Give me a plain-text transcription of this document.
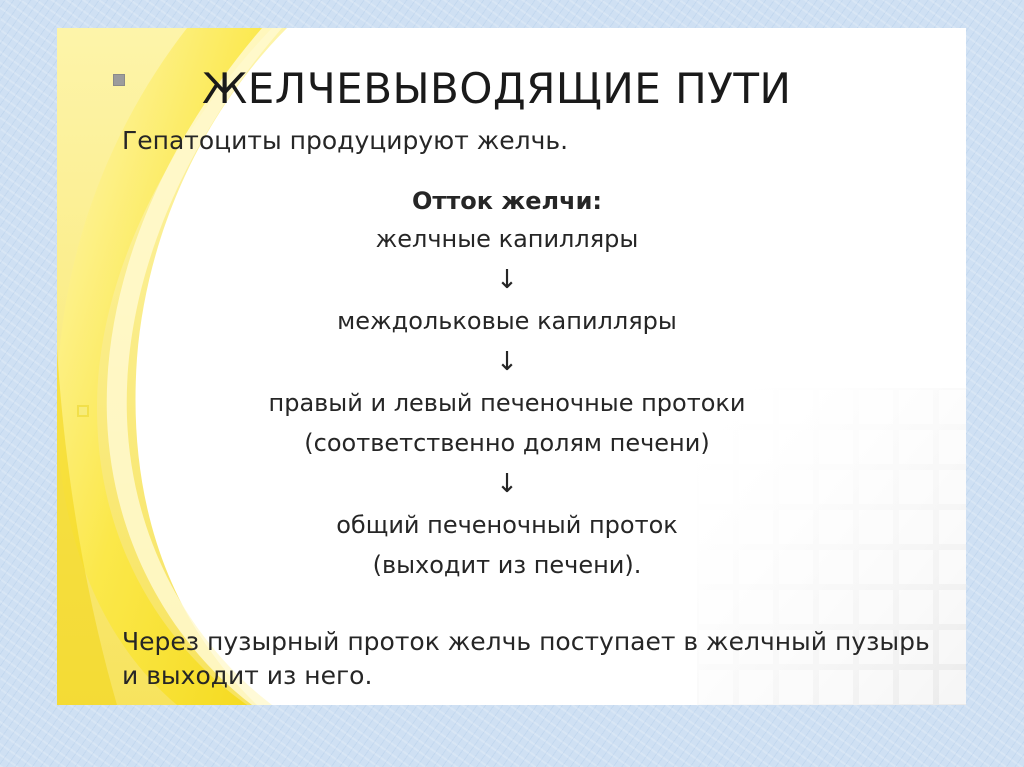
ЖЕЛЧЕВЫВОДЯЩИЕ ПУТИ

Гепатоциты продуцируют желчь.

Отток желчи:
желчные капилляры
↓
междольковые капилляры
↓
правый и левый печеночные протоки
(соответственно долям печени)
↓
общий печеночный проток
(выходит из печени).

Через пузырный проток желчь поступает в желчный пузырь и выходит из него.
